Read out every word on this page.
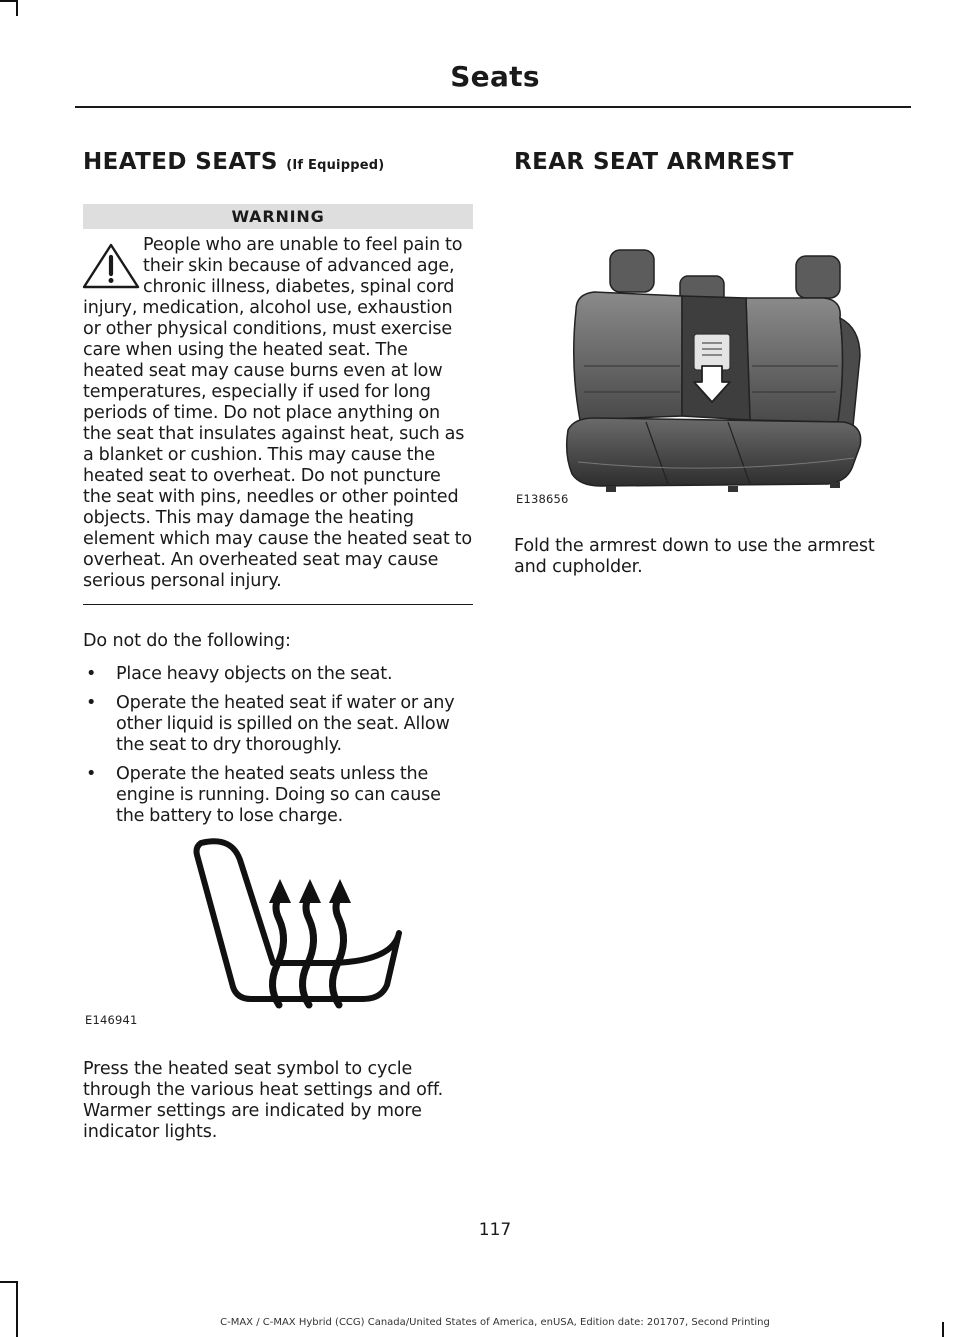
Seats
HEATED SEATS (If Equipped)
WARNING

People who are unable to feel pain to their skin because of advanced age, chronic illness, diabetes, spinal cord injury, medication, alcohol use, exhaustion or other physical conditions, must exercise care when using the heated seat. The heated seat may cause burns even at low temperatures, especially if used for long periods of time. Do not place anything on the seat that insulates against heat, such as a blanket or cushion. This may cause the heated seat to overheat. Do not puncture the seat with pins, needles or other pointed objects. This may damage the heating element which may cause the heated seat to overheat. An overheated seat may cause serious personal injury.

Do not do the following:

• Place heavy objects on the seat.
• Operate the heated seat if water or any other liquid is spilled on the seat. Allow the seat to dry thoroughly.
• Operate the heated seats unless the engine is running. Doing so can cause the battery to lose charge.
E146941

Press the heated seat symbol to cycle through the various heat settings and off. Warmer settings are indicated by more indicator lights.

REAR SEAT ARMREST
E138656

Fold the armrest down to use the armrest and cupholder.

117
C-MAX / C-MAX Hybrid (CCG) Canada/United States of America, enUSA, Edition date: 201707, Second Printing
